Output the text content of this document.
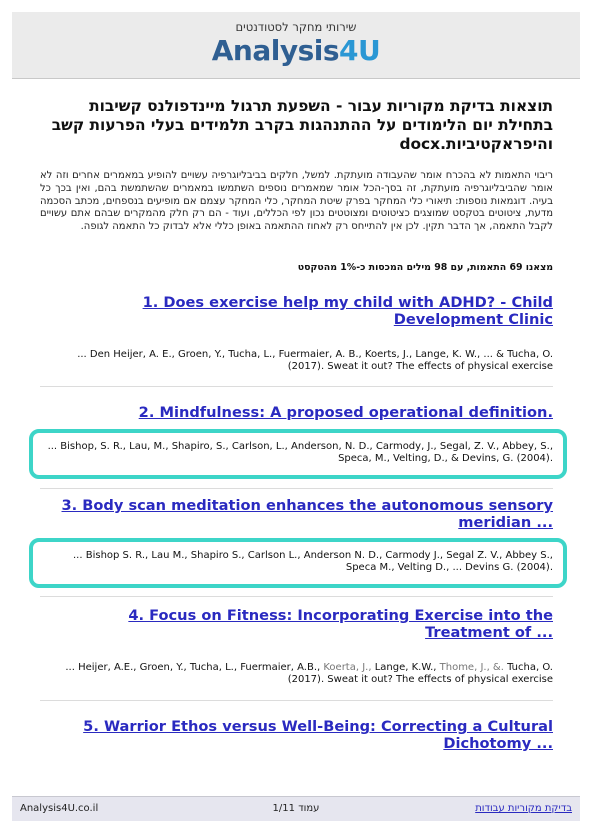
שירותי מחקר לסטודנטים
Analysis4U
תוצאות בדיקת מקוריות עבור - השפעת תרגול מיינדפולנס קשיבות בתחילת יום הלימודים על ההתנהגות בקרב תלמידים בעלי הפרעות קשב והיפראקטיביות.docx
ריבוי התאמות לא בהכרח אומר שהעבודה מועתקת. למשל, חלקים בביבליוגרפיה עשויים להופיע במאמרים אחרים וזה לא אומר שהביבליוגרפיה מועתקת, זה בסך-הכל אומר שמאמרים נוספים השתמשו במאמרים שהשתמשת בהם, ואין בכך כל בעיה. דוגמאות נוספות: תיאורי כלי המחקר בפרק שיטת המחקר, כלי המחקר עצמם אם מופיעים בנספחים, מכתב הסכמה מדעת, ציטוטים בטקסט שמוצגים כציטוטים ומצוטטים נכון לפי הכללים, ועוד - הם רק חלק מהמקרים שבהם אתם עשויים לקבל התאמה, אך הדבר תקין. לכן אין להתייחס רק לאחוז ההתאמה באופן כללי אלא לבדוק כל התאמה לגופה.
מצאנו 69 התאמות, עם 98 מילים המכסות כ-1% מהטקסט
1. Does exercise help my child with ADHD? - Child Development Clinic
... Den Heijer, A. E., Groen, Y., Tucha, L., Fuermaier, A. B., Koerts, J., Lange, K. W., ... & Tucha, O. (2017). Sweat it out? The effects of physical exercise
2. Mindfulness: A proposed operational definition.
... Bishop, S. R., Lau, M., Shapiro, S., Carlson, L., Anderson, N. D., Carmody, J., Segal, Z. V., Abbey, S., Speca, M., Velting, D., & Devins, G. (2004).
3. Body scan meditation enhances the autonomous sensory meridian ...
... Bishop S. R., Lau M., Shapiro S., Carlson L., Anderson N. D., Carmody J., Segal Z. V., Abbey S., Speca M., Velting D., ... Devins G. (2004).
4. Focus on Fitness: Incorporating Exercise into the Treatment of ...
... Heijer, A.E., Groen, Y., Tucha, L., Fuermaier, A.B., Koerta, J., Lange, K.W., Thome, J., &. Tucha, O. (2017). Sweat it out? The effects of physical exercise
5. Warrior Ethos versus Well-Being: Correcting a Cultural Dichotomy ...
Analysis4U.co.il	עמוד 1/11	בדיקת מקוריות עבודות
